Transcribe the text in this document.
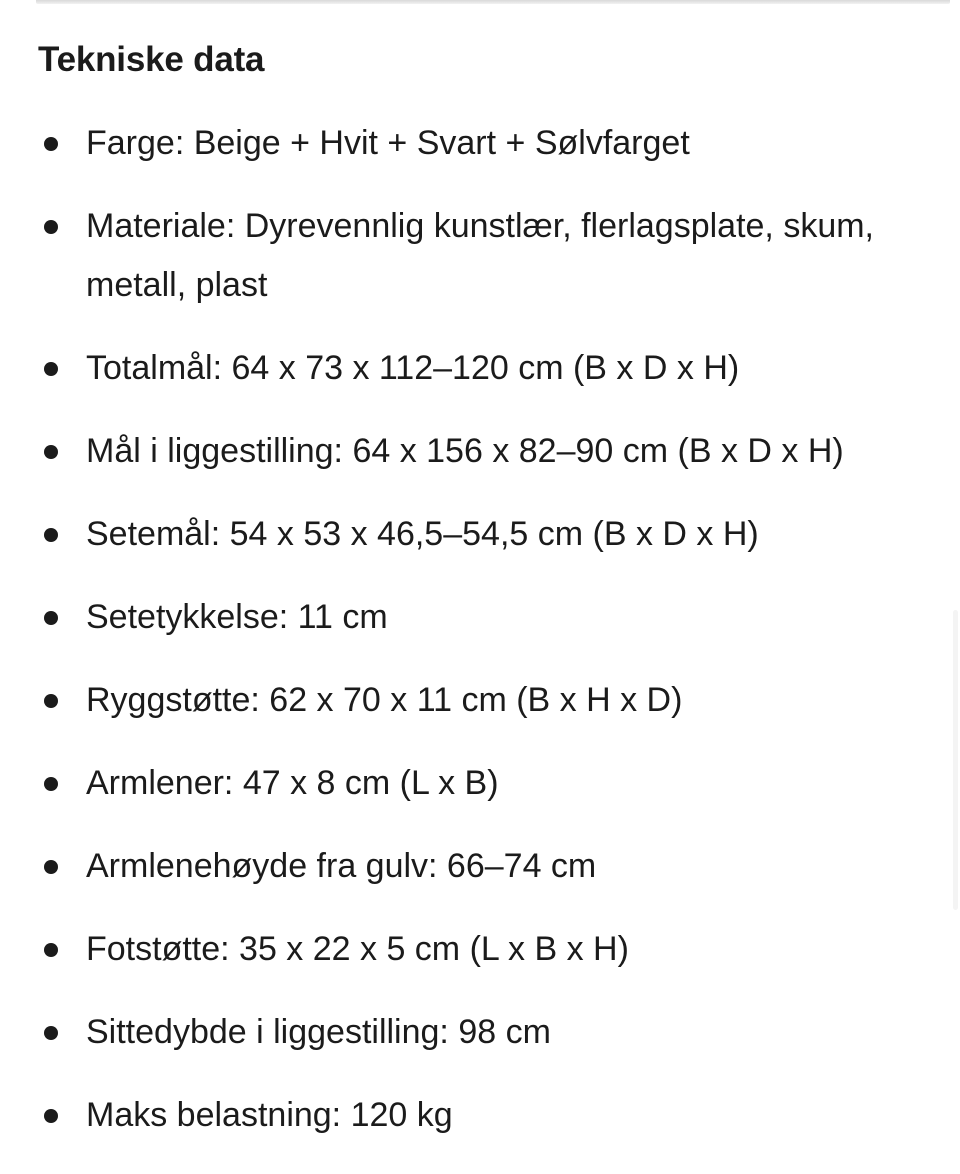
Tekniske data
Farge: Beige + Hvit + Svart + Sølvfarget
Materiale: Dyrevennlig kunstlær, flerlagsplate, skum, metall, plast
Totalmål: 64 x 73 x 112–120 cm (B x D x H)
Mål i liggestilling: 64 x 156 x 82–90 cm (B x D x H)
Setemål: 54 x 53 x 46,5–54,5 cm (B x D x H)
Setetykkelse: 11 cm
Ryggstøtte: 62 x 70 x 11 cm (B x H x D)
Armlener: 47 x 8 cm (L x B)
Armlenehøyde fra gulv: 66–74 cm
Fotstøtte: 35 x 22 x 5 cm (L x B x H)
Sittedybde i liggestilling: 98 cm
Maks belastning: 120 kg
